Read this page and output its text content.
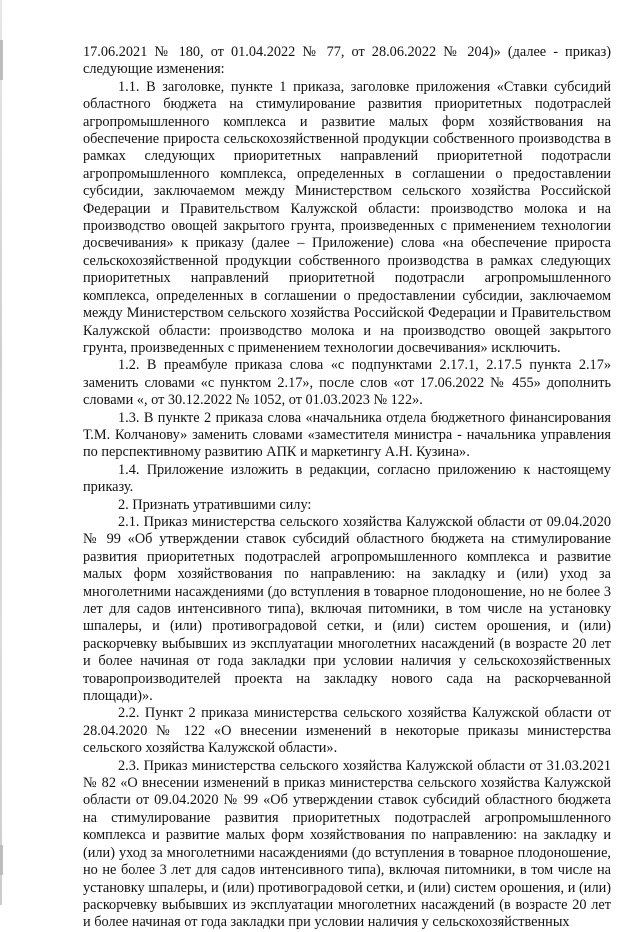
17.06.2021 № 180, от 01.04.2022 № 77, от 28.06.2022 № 204)» (далее - приказ) следующие изменения:

1.1. В заголовке, пункте 1 приказа, заголовке приложения «Ставки субсидий областного бюджета на стимулирование развития приоритетных подотраслей агропромышленного комплекса и развитие малых форм хозяйствования на обеспечение прироста сельскохозяйственной продукции собственного производства в рамках следующих приоритетных направлений приоритетной подотрасли агропромышленного комплекса, определенных в соглашении о предоставлении субсидии, заключаемом между Министерством сельского хозяйства Российской Федерации и Правительством Калужской области: производство молока и на производство овощей закрытого грунта, произведенных с применением технологии досвечивания» к приказу (далее – Приложение) слова «на обеспечение прироста сельскохозяйственной продукции собственного производства в рамках следующих приоритетных направлений приоритетной подотрасли агропромышленного комплекса, определенных в соглашении о предоставлении субсидии, заключаемом между Министерством сельского хозяйства Российской Федерации и Правительством Калужской области: производство молока и на производство овощей закрытого грунта, произведенных с применением технологии досвечивания» исключить.

1.2. В преамбуле приказа слова «с подпунктами 2.17.1, 2.17.5 пункта 2.17» заменить словами «с пунктом 2.17», после слов «от 17.06.2022 № 455» дополнить словами «, от 30.12.2022 № 1052, от 01.03.2023 № 122».

1.3. В пункте 2 приказа слова «начальника отдела бюджетного финансирования Т.М. Колчанову» заменить словами «заместителя министра - начальника управления по перспективному развитию АПК и маркетингу А.Н. Кузина».

1.4. Приложение изложить в редакции, согласно приложению к настоящему приказу.

2. Признать утратившими силу:

2.1. Приказ министерства сельского хозяйства Калужской области от 09.04.2020 № 99 «Об утверждении ставок субсидий областного бюджета на стимулирование развития приоритетных подотраслей агропромышленного комплекса и развитие малых форм хозяйствования по направлению: на закладку и (или) уход за многолетними насаждениями (до вступления в товарное плодоношение, но не более 3 лет для садов интенсивного типа), включая питомники, в том числе на установку шпалеры, и (или) противоградовой сетки, и (или) систем орошения, и (или) раскорчевку выбывших из эксплуатации многолетних насаждений (в возрасте 20 лет и более начиная от года закладки при условии наличия у сельскохозяйственных товаропроизводителей проекта на закладку нового сада на раскорчеванной площади)».

2.2. Пункт 2 приказа министерства сельского хозяйства Калужской области от 28.04.2020 № 122 «О внесении изменений в некоторые приказы министерства сельского хозяйства Калужской области».

2.3. Приказ министерства сельского хозяйства Калужской области от 31.03.2021 № 82 «О внесении изменений в приказ министерства сельского хозяйства Калужской области от 09.04.2020 № 99 «Об утверждении ставок субсидий областного бюджета на стимулирование развития приоритетных подотраслей агропромышленного комплекса и развитие малых форм хозяйствования по направлению: на закладку и (или) уход за многолетними насаждениями (до вступления в товарное плодоношение, но не более 3 лет для садов интенсивного типа), включая питомники, в том числе на установку шпалеры, и (или) противоградовой сетки, и (или) систем орошения, и (или) раскорчевку выбывших из эксплуатации многолетних насаждений (в возрасте 20 лет и более начиная от года закладки при условии наличия у сельскохозяйственных
